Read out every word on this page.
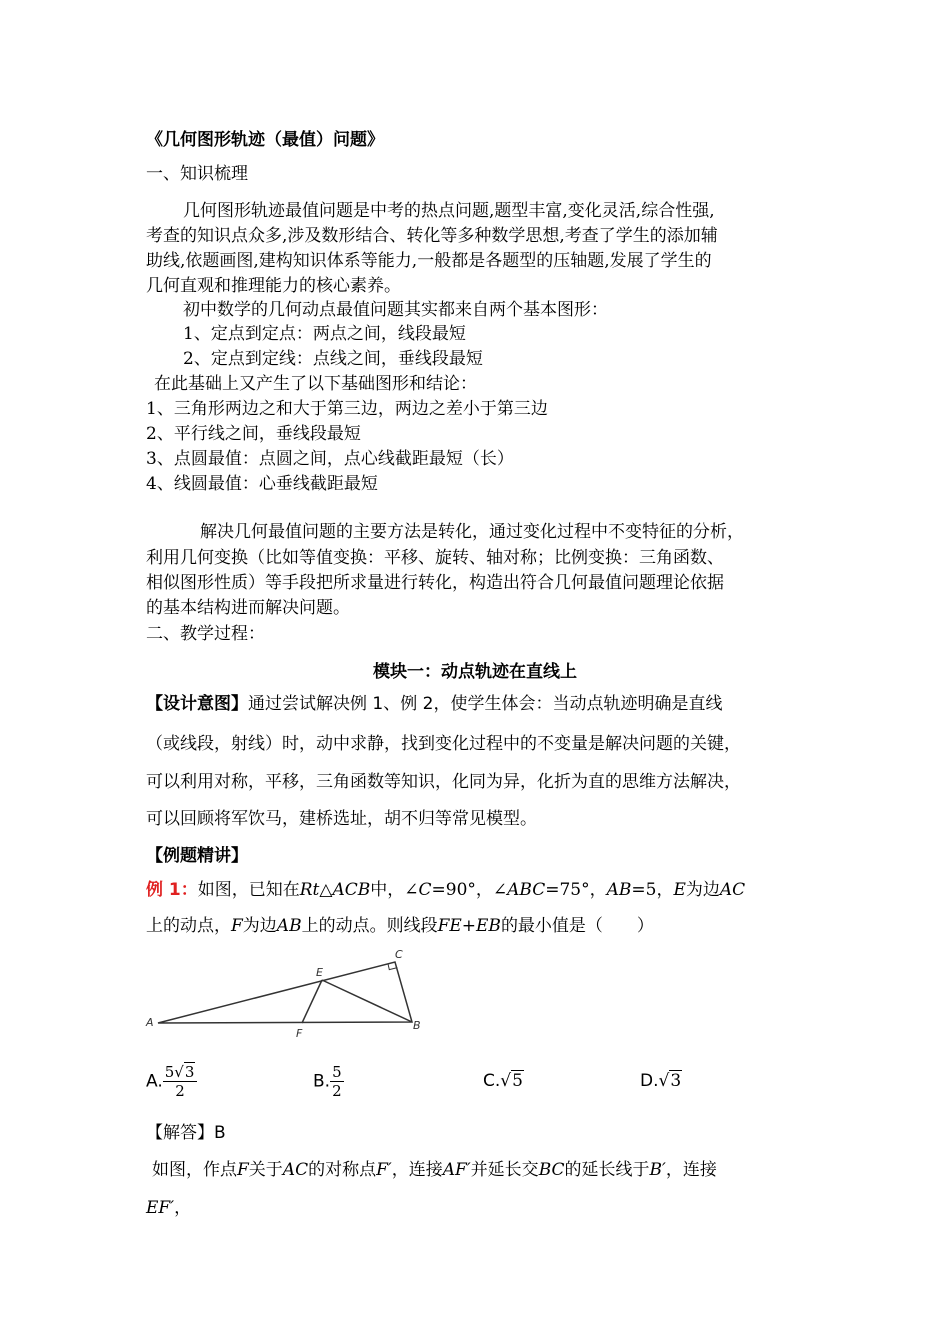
《几何图形轨迹（最值）问题》
一、知识梳理
几何图形轨迹最值问题是中考的热点问题,题型丰富,变化灵活,综合性强,
考查的知识点众多,涉及数形结合、转化等多种数学思想,考查了学生的添加辅
助线,依题画图,建构知识体系等能力,一般都是各题型的压轴题,发展了学生的
几何直观和推理能力的核心素养。
初中数学的几何动点最值问题其实都来自两个基本图形：
1、定点到定点：两点之间，线段最短
2、定点到定线：点线之间，垂线段最短
在此基础上又产生了以下基础图形和结论：
1、三角形两边之和大于第三边，两边之差小于第三边
2、平行线之间，垂线段最短
3、点圆最值：点圆之间，点心线截距最短（长）
4、线圆最值：心垂线截距最短
解决几何最值问题的主要方法是转化，通过变化过程中不变特征的分析，
利用几何变换（比如等值变换：平移、旋转、轴对称；比例变换：三角函数、
相似图形性质）等手段把所求量进行转化，构造出符合几何最值问题理论依据
的基本结构进而解决问题。
二、教学过程：
模块一：动点轨迹在直线上
【设计意图】通过尝试解决例 1、例 2，使学生体会：当动点轨迹明确是直线
（或线段，射线）时，动中求静，找到变化过程中的不变量是解决问题的关键，
可以利用对称，平移，三角函数等知识，化同为异，化折为直的思维方法解决，
可以回顾将军饮马，建桥选址，胡不归等常见模型。
【例题精讲】
例 1：如图，已知在Rt△ACB中，∠C=90°，∠ABC=75°，AB=5，E为边AC
上的动点，F为边AB上的动点。则线段FE+EB的最小值是（　　）
A	B
C
E
F
A. $\frac{5√3}{2}$	B. $\frac{5}{2}$	C.√5	D.√3
【解答】B
如图，作点F关于AC的对称点F′，连接AF′并延长交BC的延长线于B′，连接
EF′，
